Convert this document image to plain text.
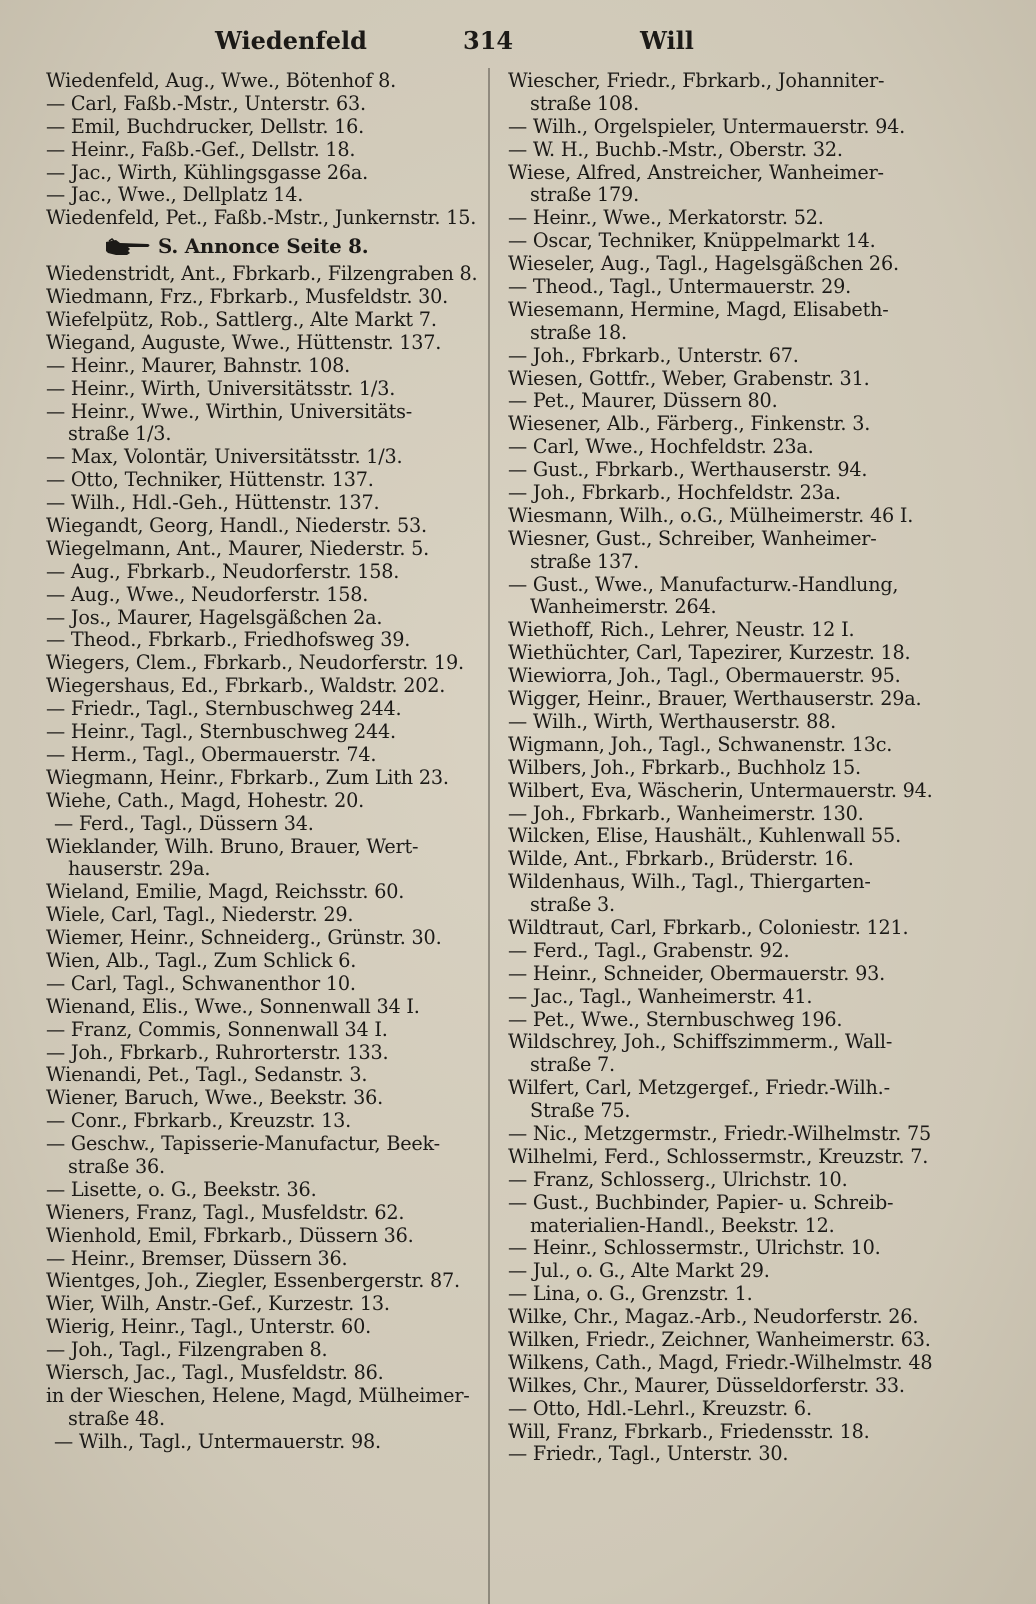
Wiedenfeld	314	Will
Wiedenfeld, Aug., Wwe., Bötenhof 8.
— Carl, Faßb.-Mstr., Unterstr. 63.
— Emil, Buchdrucker, Dellstr. 16.
— Heinr., Faßb.-Gef., Dellstr. 18.
— Jac., Wirth, Kühlingsgasse 26a.
— Jac., Wwe., Dellplatz 14.
Wiedenfeld, Pet., Faßb.-Mstr., Junkernstr. 15.
S. Annonce Seite 8.
Wiedenstridt, Ant., Fbrkarb., Filzengraben 8.
Wiedmann, Frz., Fbrkarb., Musfeldstr. 30.
Wiefelpütz, Rob., Sattlerg., Alte Markt 7.
Wiegand, Auguste, Wwe., Hüttenstr. 137.
— Heinr., Maurer, Bahnstr. 108.
— Heinr., Wirth, Universitätsstr. 1/3.
— Heinr., Wwe., Wirthin, Universitäts-
straße 1/3.
— Max, Volontär, Universitätsstr. 1/3.
— Otto, Techniker, Hüttenstr. 137.
— Wilh., Hdl.-Geh., Hüttenstr. 137.
Wiegandt, Georg, Handl., Niederstr. 53.
Wiegelmann, Ant., Maurer, Niederstr. 5.
— Aug., Fbrkarb., Neudorferstr. 158.
— Aug., Wwe., Neudorferstr. 158.
— Jos., Maurer, Hagelsgäßchen 2a.
— Theod., Fbrkarb., Friedhofsweg 39.
Wiegers, Clem., Fbrkarb., Neudorferstr. 19.
Wiegershaus, Ed., Fbrkarb., Waldstr. 202.
— Friedr., Tagl., Sternbuschweg 244.
— Heinr., Tagl., Sternbuschweg 244.
— Herm., Tagl., Obermauerstr. 74.
Wiegmann, Heinr., Fbrkarb., Zum Lith 23.
Wiehe, Cath., Magd, Hohestr. 20.
— Ferd., Tagl., Düssern 34.
Wieklander, Wilh. Bruno, Brauer, Wert-
hauserstr. 29a.
Wieland, Emilie, Magd, Reichsstr. 60.
Wiele, Carl, Tagl., Niederstr. 29.
Wiemer, Heinr., Schneiderg., Grünstr. 30.
Wien, Alb., Tagl., Zum Schlick 6.
— Carl, Tagl., Schwanenthor 10.
Wienand, Elis., Wwe., Sonnenwall 34 I.
— Franz, Commis, Sonnenwall 34 I.
— Joh., Fbrkarb., Ruhrorterstr. 133.
Wienandi, Pet., Tagl., Sedanstr. 3.
Wiener, Baruch, Wwe., Beekstr. 36.
— Conr., Fbrkarb., Kreuzstr. 13.
— Geschw., Tapisserie-Manufactur, Beek-
straße 36.
— Lisette, o. G., Beekstr. 36.
Wieners, Franz, Tagl., Musfeldstr. 62.
Wienhold, Emil, Fbrkarb., Düssern 36.
— Heinr., Bremser, Düssern 36.
Wientges, Joh., Ziegler, Essenbergerstr. 87.
Wier, Wilh, Anstr.-Gef., Kurzestr. 13.
Wierig, Heinr., Tagl., Unterstr. 60.
— Joh., Tagl., Filzengraben 8.
Wiersch, Jac., Tagl., Musfeldstr. 86.
in der Wieschen, Helene, Magd, Mülheimer-
straße 48.
— Wilh., Tagl., Untermauerstr. 98.
Wiescher, Friedr., Fbrkarb., Johanniter-
straße 108.
— Wilh., Orgelspieler, Untermauerstr. 94.
— W. H., Buchb.-Mstr., Oberstr. 32.
Wiese, Alfred, Anstreicher, Wanheimer-
straße 179.
— Heinr., Wwe., Merkatorstr. 52.
— Oscar, Techniker, Knüppelmarkt 14.
Wieseler, Aug., Tagl., Hagelsgäßchen 26.
— Theod., Tagl., Untermauerstr. 29.
Wiesemann, Hermine, Magd, Elisabeth-
straße 18.
— Joh., Fbrkarb., Unterstr. 67.
Wiesen, Gottfr., Weber, Grabenstr. 31.
— Pet., Maurer, Düssern 80.
Wiesener, Alb., Färberg., Finkenstr. 3.
— Carl, Wwe., Hochfeldstr. 23a.
— Gust., Fbrkarb., Werthauserstr. 94.
— Joh., Fbrkarb., Hochfeldstr. 23a.
Wiesmann, Wilh., o.G., Mülheimerstr. 46 I.
Wiesner, Gust., Schreiber, Wanheimer-
straße 137.
— Gust., Wwe., Manufacturw.-Handlung,
Wanheimerstr. 264.
Wiethoff, Rich., Lehrer, Neustr. 12 I.
Wiethüchter, Carl, Tapezirer, Kurzestr. 18.
Wiewiorra, Joh., Tagl., Obermauerstr. 95.
Wigger, Heinr., Brauer, Werthauserstr. 29a.
— Wilh., Wirth, Werthauserstr. 88.
Wigmann, Joh., Tagl., Schwanenstr. 13c.
Wilbers, Joh., Fbrkarb., Buchholz 15.
Wilbert, Eva, Wäscherin, Untermauerstr. 94.
— Joh., Fbrkarb., Wanheimerstr. 130.
Wilcken, Elise, Haushält., Kuhlenwall 55.
Wilde, Ant., Fbrkarb., Brüderstr. 16.
Wildenhaus, Wilh., Tagl., Thiergarten-
straße 3.
Wildtraut, Carl, Fbrkarb., Coloniestr. 121.
— Ferd., Tagl., Grabenstr. 92.
— Heinr., Schneider, Obermauerstr. 93.
— Jac., Tagl., Wanheimerstr. 41.
— Pet., Wwe., Sternbuschweg 196.
Wildschrey, Joh., Schiffszimmerm., Wall-
straße 7.
Wilfert, Carl, Metzgergef., Friedr.-Wilh.-
Straße 75.
— Nic., Metzgermstr., Friedr.-Wilhelmstr. 75
Wilhelmi, Ferd., Schlossermstr., Kreuzstr. 7.
— Franz, Schlosserg., Ulrichstr. 10.
— Gust., Buchbinder, Papier- u. Schreib-
materialien-Handl., Beekstr. 12.
— Heinr., Schlossermstr., Ulrichstr. 10.
— Jul., o. G., Alte Markt 29.
— Lina, o. G., Grenzstr. 1.
Wilke, Chr., Magaz.-Arb., Neudorferstr. 26.
Wilken, Friedr., Zeichner, Wanheimerstr. 63.
Wilkens, Cath., Magd, Friedr.-Wilhelmstr. 48
Wilkes, Chr., Maurer, Düsseldorferstr. 33.
— Otto, Hdl.-Lehrl., Kreuzstr. 6.
Will, Franz, Fbrkarb., Friedensstr. 18.
— Friedr., Tagl., Unterstr. 30.
